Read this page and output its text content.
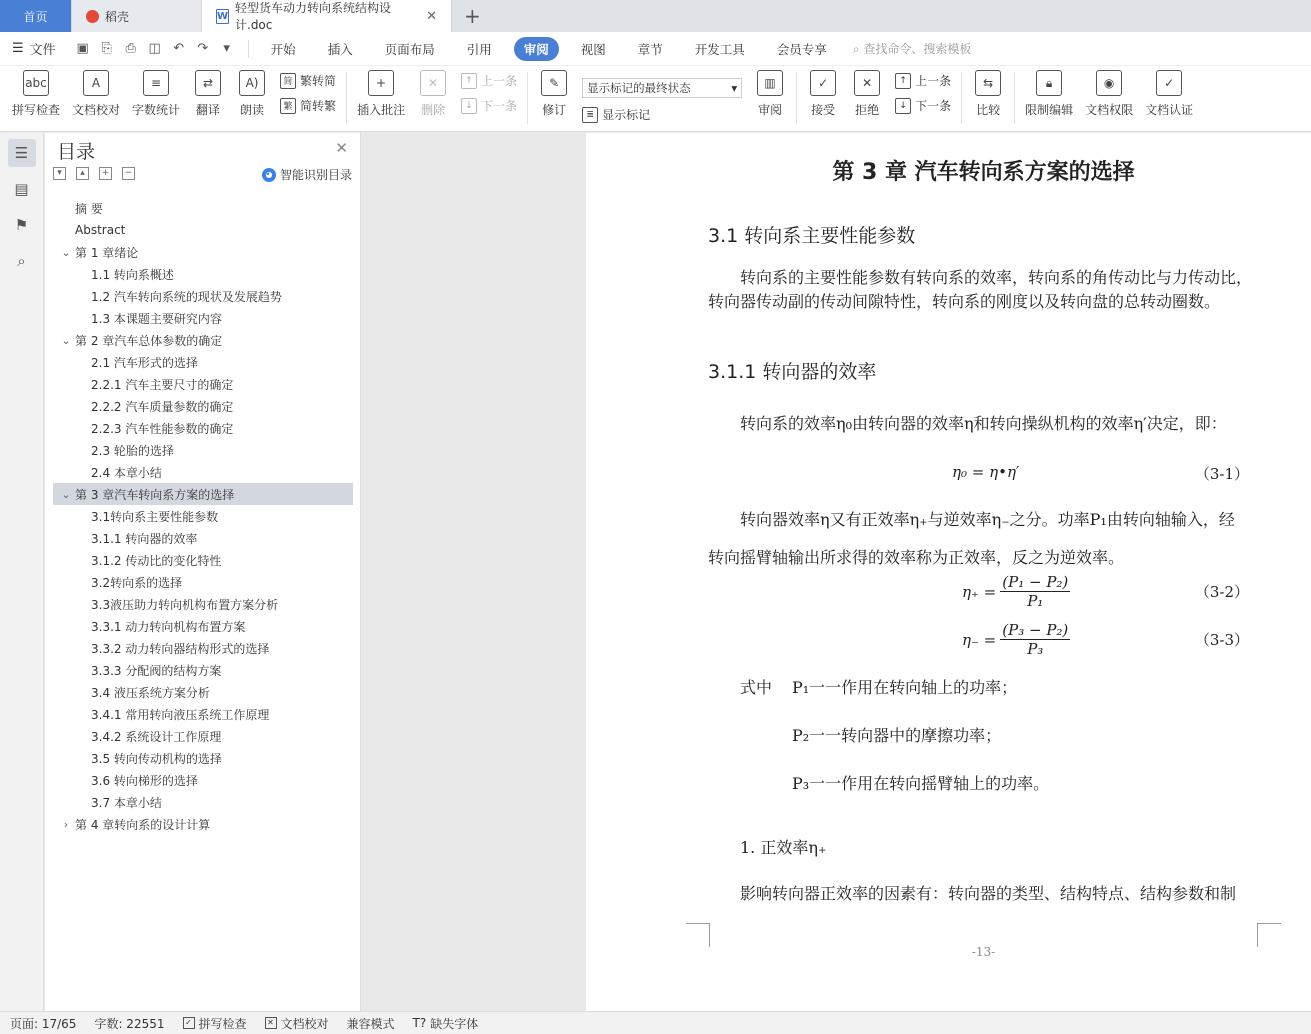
首页	稻壳	W
轻型货车动力转向系统结构设计.doc
✕	+
☰ 文件 ▣ ⎘ ⎙ ◫ ↶ ↷	▾	开始	插入	页面布局	引用	审阅	视图	章节	开发工具	会员专享	⌕ 查找命令、搜索模板
abc
拼写检查
A
文档校对
≡
字数统计
⇄
翻译
A)
朗读
简 繁转简
繁 简转繁
+
插入批注
✕
删除
↑ 上一条
↓ 下一条
✎
修订
显示标记的最终状态	▾
≣ 显示标记
▥
审阅
✓
接受
✕
拒绝
↑ 上一条
↓ 下一条
⇆
比较
🔒︎
限制编辑
◉
文档权限
✓
文档认证
☰
▤
⚑
⌕
目录	✕
▾	▴	+	−	◕ 智能识别目录
摘 要
Abstract
⌄ 第 1 章绪论
1.1 转向系概述
1.2 汽车转向系统的现状及发展趋势
1.3 本课题主要研究内容
⌄ 第 2 章汽车总体参数的确定
2.1 汽车形式的选择
2.2.1 汽车主要尺寸的确定
2.2.2 汽车质量参数的确定
2.2.3 汽车性能参数的确定
2.3 轮胎的选择
2.4 本章小结
⌄ 第 3 章汽车转向系方案的选择
3.1转向系主要性能参数
3.1.1 转向器的效率
3.1.2 传动比的变化特性
3.2转向系的选择
3.3液压助力转向机构布置方案分析
3.3.1 动力转向机构布置方案
3.3.2 动力转向器结构形式的选择
3.3.3 分配阀的结构方案
3.4 液压系统方案分析
3.4.1 常用转向液压系统工作原理
3.4.2 系统设计工作原理
3.5 转向传动机构的选择
3.6 转向梯形的选择
3.7 本章小结
› 第 4 章转向系的设计计算
第 3 章 汽车转向系方案的选择
3.1 转向系主要性能参数
转向系的主要性能参数有转向系的效率，转向系的角传动比与力传动比，转向器传动副的传动间隙特性，转向系的刚度以及转向盘的总转动圈数。
3.1.1 转向器的效率
转向系的效率η₀由转向器的效率η和转向操纵机构的效率η′决定，即：
η₀ = η•η′	（3-1）
转向器效率η又有正效率η₊与逆效率η₋之分。功率P₁由转向轴输入，经
转向摇臂轴输出所求得的效率称为正效率，反之为逆效率。
$\eta_+ = \frac{\text{(P₁ − P₂)}}{\text{P₁}}$	（3-2）
$\eta_- = \frac{\text{(P₃ − P₂)}}{\text{P₃}}$	（3-3）
式中	P₁一一作用在转向轴上的功率；
P₂一一转向器中的摩擦功率；
P₃一一作用在转向摇臂轴上的功率。
1. 正效率η₊
影响转向器正效率的因素有：转向器的类型、结构特点、结构参数和制
-13-
页面: 17/65 字数: 22551	✓ 拼写检查	✕ 文档校对 兼容模式 T? 缺失字体
